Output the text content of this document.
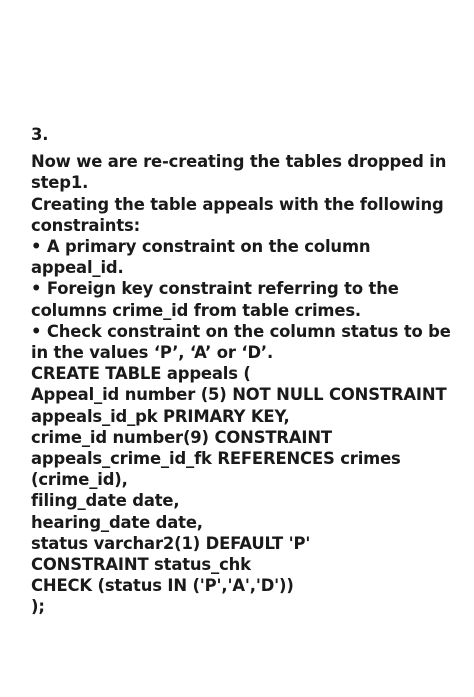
3.
Now we are re-creating the tables dropped in
step1.
Creating the table appeals with the following
constraints:
• A primary constraint on the column
appeal_id.
• Foreign key constraint referring to the
columns crime_id from table crimes.
• Check constraint on the column status to be
in the values ‘P’, ‘A’ or ‘D’.
CREATE TABLE appeals (
Appeal_id number (5) NOT NULL CONSTRAINT
appeals_id_pk PRIMARY KEY,
crime_id number(9) CONSTRAINT
appeals_crime_id_fk REFERENCES crimes
(crime_id),
filing_date date,
hearing_date date,
status varchar2(1) DEFAULT 'P'
CONSTRAINT status_chk
CHECK (status IN ('P','A','D'))
);
